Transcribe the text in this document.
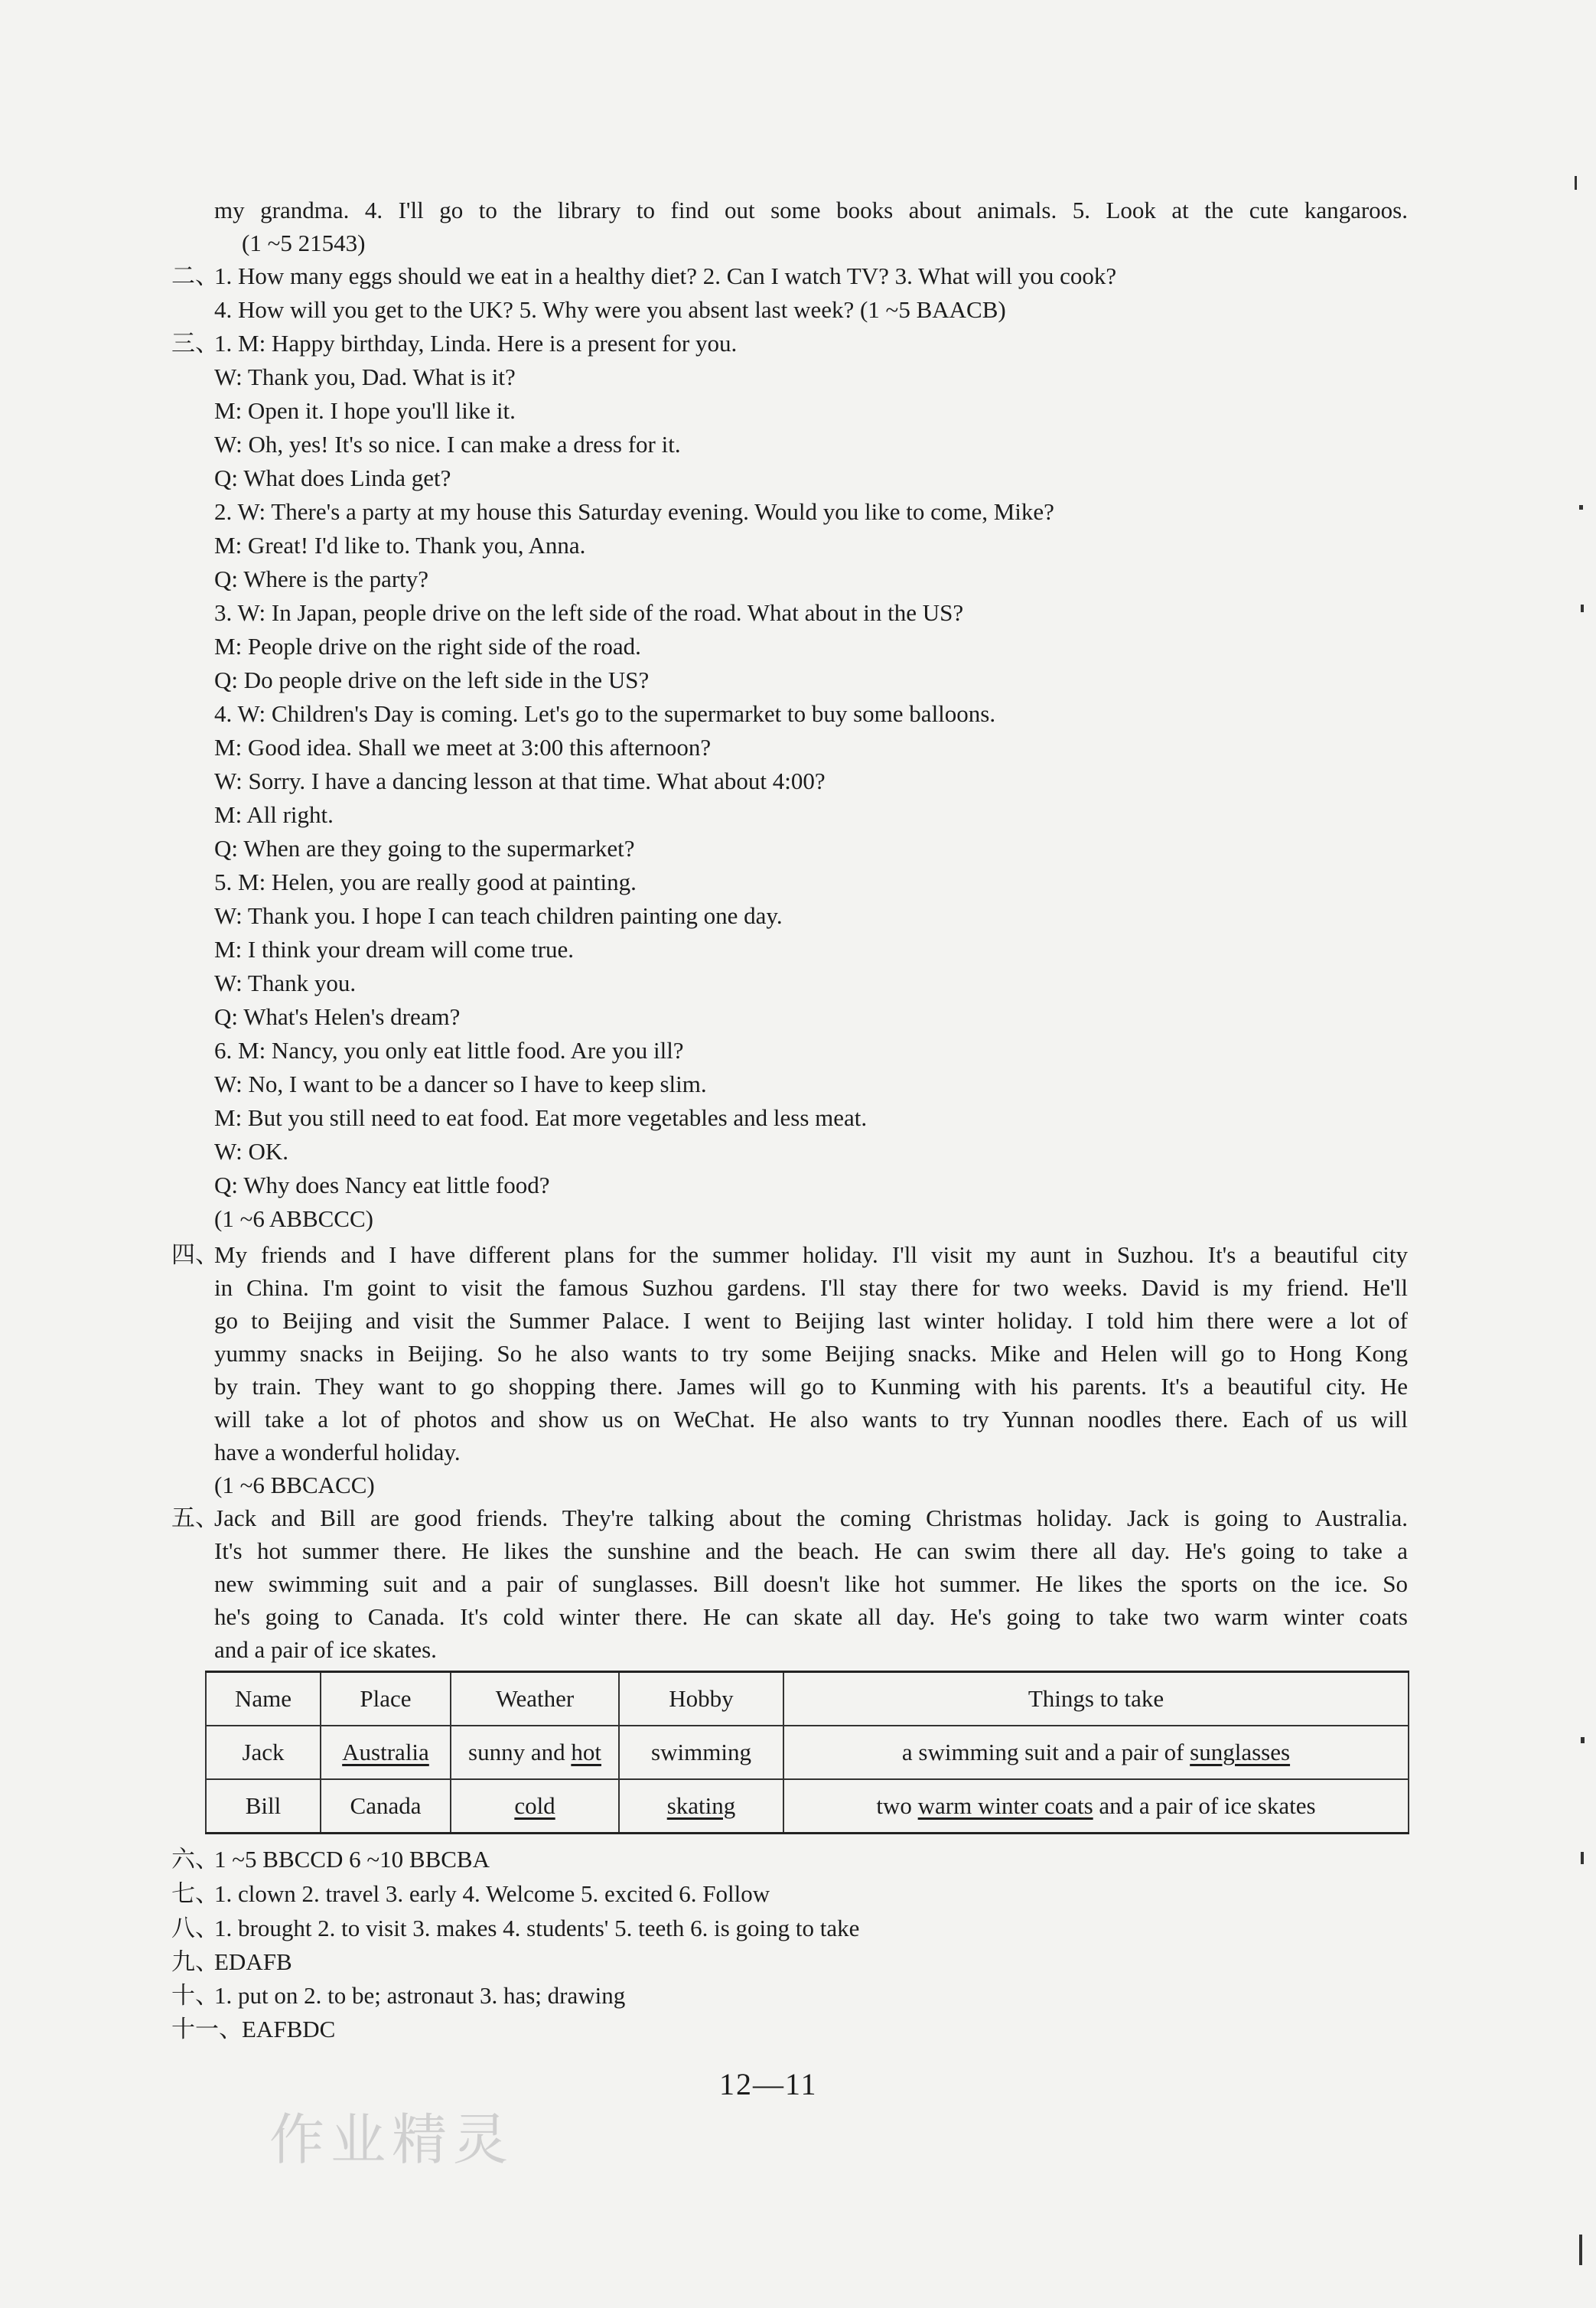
my grandma. 4. I'll go to the library to find out some books about animals. 5. Look at the cute kangaroos.
(1 ~5 21543)
二、
1. How many eggs should we eat in a healthy diet? 2. Can I watch TV? 3. What will you cook?
4. How will you get to the UK? 5. Why were you absent last week? (1 ~5 BAACB)
三、
1. M: Happy birthday, Linda. Here is a present for you.
W: Thank you, Dad. What is it?
M: Open it. I hope you'll like it.
W: Oh, yes! It's so nice. I can make a dress for it.
Q: What does Linda get?
2. W: There's a party at my house this Saturday evening. Would you like to come, Mike?
M: Great! I'd like to. Thank you, Anna.
Q: Where is the party?
3. W: In Japan, people drive on the left side of the road. What about in the US?
M: People drive on the right side of the road.
Q: Do people drive on the left side in the US?
4. W: Children's Day is coming. Let's go to the supermarket to buy some balloons.
M: Good idea. Shall we meet at 3:00 this afternoon?
W: Sorry. I have a dancing lesson at that time. What about 4:00?
M: All right.
Q: When are they going to the supermarket?
5. M: Helen, you are really good at painting.
W: Thank you. I hope I can teach children painting one day.
M: I think your dream will come true.
W: Thank you.
Q: What's Helen's dream?
6. M: Nancy, you only eat little food. Are you ill?
W: No, I want to be a dancer so I have to keep slim.
M: But you still need to eat food. Eat more vegetables and less meat.
W: OK.
Q: Why does Nancy eat little food?
(1 ~6 ABBCCC)
四、
My friends and I have different plans for the summer holiday. I'll visit my aunt in Suzhou. It's a beautiful city
in China. I'm goint to visit the famous Suzhou gardens. I'll stay there for two weeks. David is my friend. He'll
go to Beijing and visit the Summer Palace. I went to Beijing last winter holiday. I told him there were a lot of
yummy snacks in Beijing. So he also wants to try some Beijing snacks. Mike and Helen will go to Hong Kong
by train. They want to go shopping there. James will go to Kunming with his parents. It's a beautiful city. He
will take a lot of photos and show us on WeChat. He also wants to try Yunnan noodles there. Each of us will
have a wonderful holiday.
(1 ~6 BBCACC)
五、
Jack and Bill are good friends. They're talking about the coming Christmas holiday. Jack is going to Australia.
It's hot summer there. He likes the sunshine and the beach. He can swim there all day. He's going to take a
new swimming suit and a pair of sunglasses. Bill doesn't like hot summer. He likes the sports on the ice. So
he's going to Canada. It's cold winter there. He can skate all day. He's going to take two warm winter coats
and a pair of ice skates.
Name	Place	Weather	Hobby	Things to take
Jack	Australia	sunny and hot	swimming	a swimming suit and a pair of sunglasses
Bill	Canada	cold	skating	two warm winter coats and a pair of ice skates
六、
1 ~5 BBCCD 6 ~10 BBCBA
七、
1. clown 2. travel 3. early 4. Welcome 5. excited 6. Follow
八、
1. brought 2. to visit 3. makes 4. students' 5. teeth 6. is going to take
九、
EDAFB
十、
1. put on 2. to be; astronaut 3. has; drawing
十一、 EAFBDC
12—11
作业精灵
